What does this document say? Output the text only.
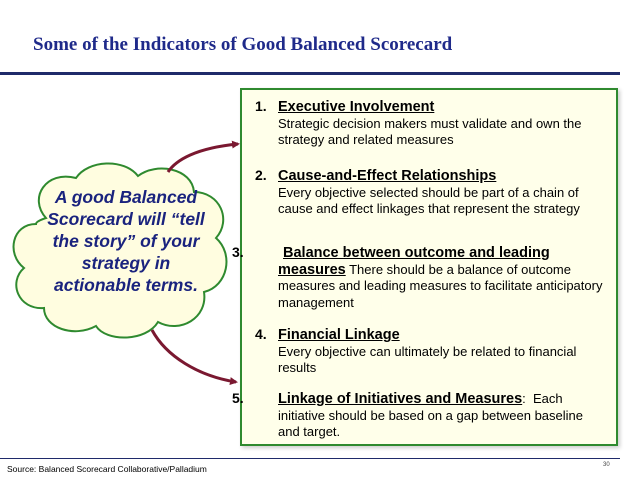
Some of the Indicators of Good Balanced Scorecard
A good Balanced Scorecard will “tell the story” of your strategy in actionable terms.
1. Executive Involvement
Strategic decision makers must validate and own the strategy and related measures
2. Cause-and-Effect Relationships
Every objective selected should be part of a chain of cause and effect linkages that represent the strategy
3.	Balance between outcome and leading measures There should be a balance of outcome measures and leading measures to facilitate anticipatory management
4. Financial Linkage
Every objective can ultimately be related to financial results
5. Linkage of Initiatives and Measures:  Each initiative should be based on a gap between baseline and target.
Source: Balanced Scorecard Collaborative/Palladium	30
